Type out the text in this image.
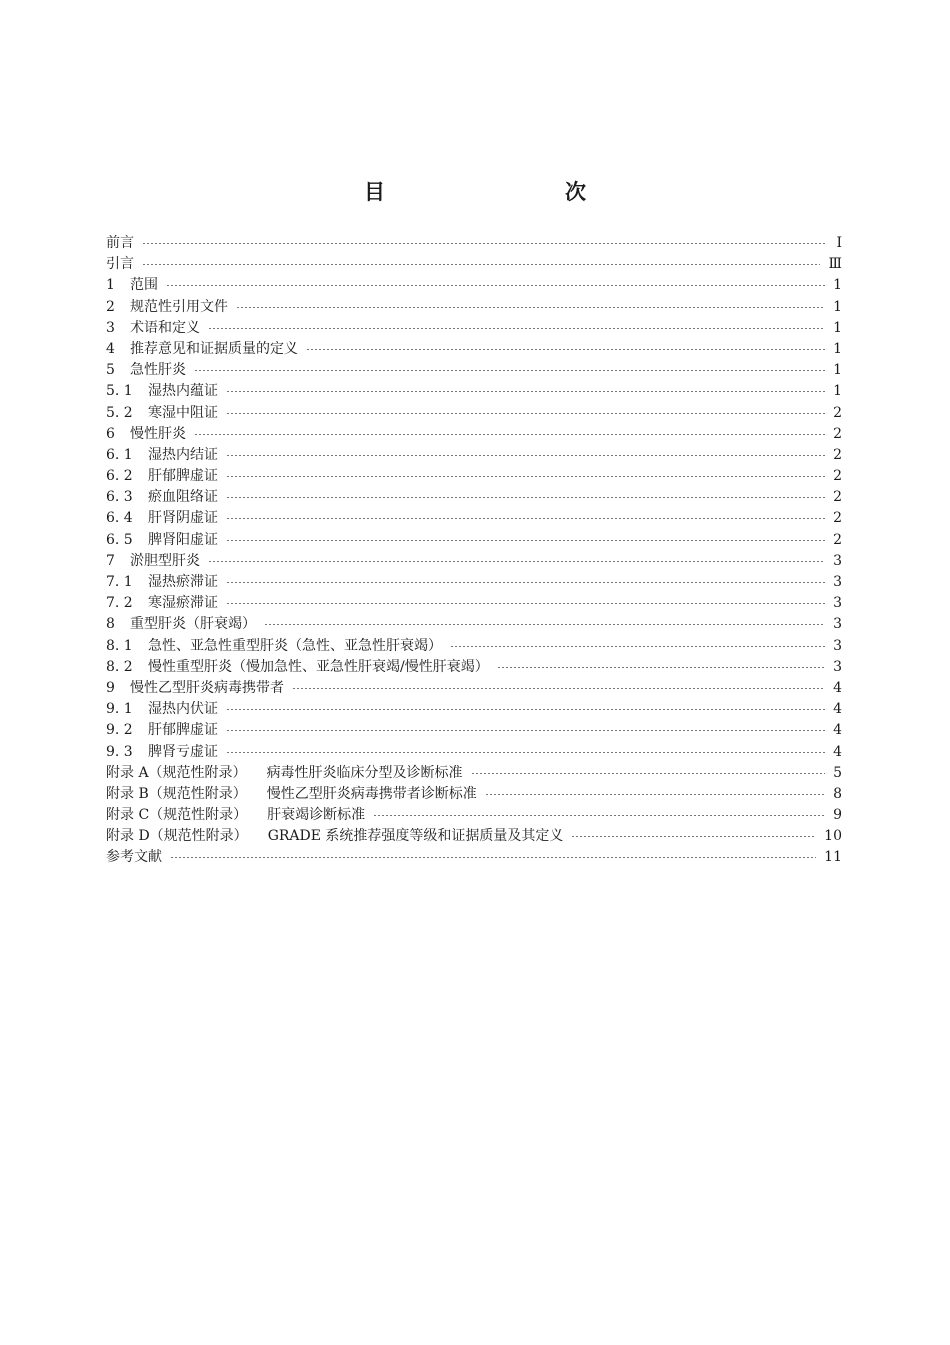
目　　次
前言	Ⅰ
引言	Ⅲ
1	范围	1
2	规范性引用文件	1
3	术语和定义	1
4	推荐意见和证据质量的定义	1
5	急性肝炎	1
5. 1	湿热内蕴证	1
5. 2	寒湿中阻证	2
6	慢性肝炎	2
6. 1	湿热内结证	2
6. 2	肝郁脾虚证	2
6. 3	瘀血阻络证	2
6. 4	肝肾阴虚证	2
6. 5	脾肾阳虚证	2
7	淤胆型肝炎	3
7. 1	湿热瘀滞证	3
7. 2	寒湿瘀滞证	3
8	重型肝炎（肝衰竭）	3
8. 1	急性、亚急性重型肝炎（急性、亚急性肝衰竭）	3
8. 2	慢性重型肝炎（慢加急性、亚急性肝衰竭/慢性肝衰竭）	3
9	慢性乙型肝炎病毒携带者	4
9. 1	湿热内伏证	4
9. 2	肝郁脾虚证	4
9. 3	脾肾亏虚证	4
附录 A（规范性附录） 病毒性肝炎临床分型及诊断标准	5
附录 B（规范性附录） 慢性乙型肝炎病毒携带者诊断标准	8
附录 C（规范性附录） 肝衰竭诊断标准	9
附录 D（规范性附录） GRADE 系统推荐强度等级和证据质量及其定义	10
参考文献	11
